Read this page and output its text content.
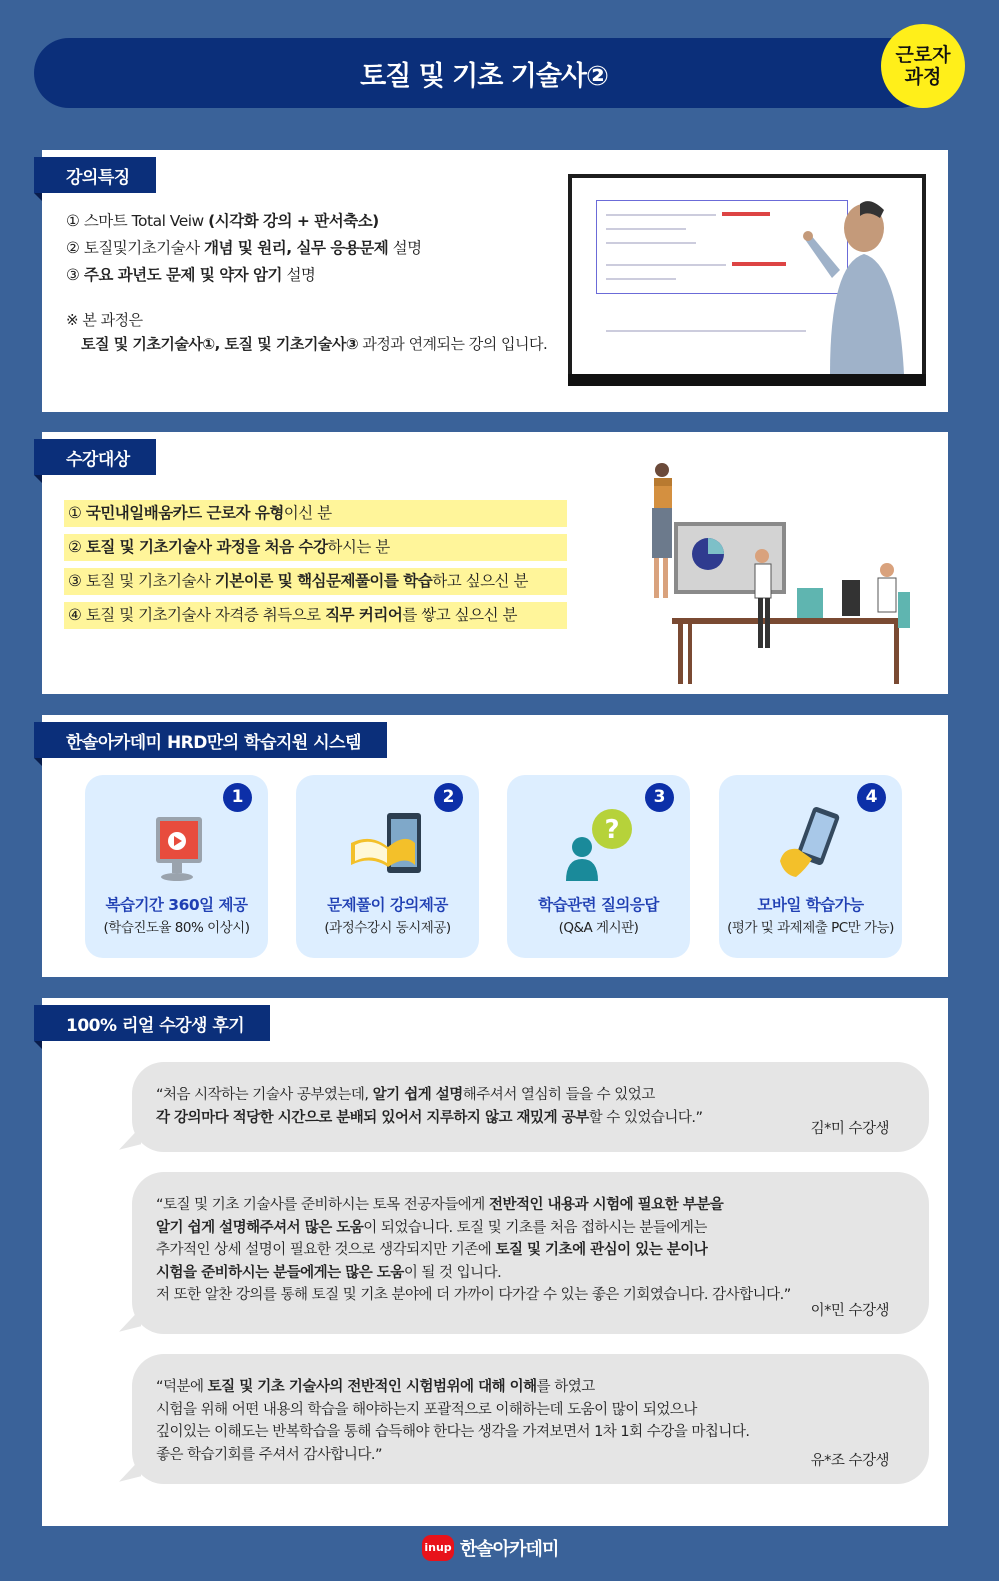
토질 및 기초 기술사②
근로자
과정
강의특징
① 스마트 Total Veiw (시각화 강의 + 판서축소)
② 토질및기초기술사 개념 및 원리, 실무 응용문제 설명
③ 주요 과년도 문제 및 약자 암기 설명
※ 본 과정은
토질 및 기초기술사①, 토질 및 기초기술사③ 과정과 연계되는 강의 입니다.
수강대상
① 국민내일배움카드 근로자 유형이신 분
② 토질 및 기초기술사 과정을 처음 수강하시는 분
③ 토질 및 기초기술사 기본이론 및 핵심문제풀이를 학습하고 싶으신 분
④ 토질 및 기초기술사 자격증 취득으로 직무 커리어를 쌓고 싶으신 분
한솔아카데미 HRD만의 학습지원 시스템
1
복습기간 360일 제공
(학습진도율 80% 이상시)
2
문제풀이 강의제공
(과정수강시 동시제공)
3
?
학습관련 질의응답
(Q&A 게시판)
4
모바일 학습가능
(평가 및 과제제출 PC만 가능)
100% 리얼 수강생 후기
“처음 시작하는 기술사 공부였는데, 알기 쉽게 설명해주셔서 열심히 들을 수 있었고
각 강의마다 적당한 시간으로 분배되 있어서 지루하지 않고 재밌게 공부할 수 있었습니다.”
김*미 수강생
“토질 및 기초 기술사를 준비하시는 토목 전공자들에게 전반적인 내용과 시험에 필요한 부분을
알기 쉽게 설명해주셔서 많은 도움이 되었습니다. 토질 및 기초를 처음 접하시는 분들에게는
추가적인 상세 설명이 필요한 것으로 생각되지만 기존에 토질 및 기초에 관심이 있는 분이나
시험을 준비하시는 분들에게는 많은 도움이 될 것 입니다.
저 또한 알찬 강의를 통해 토질 및 기초 분야에 더 가까이 다가갈 수 있는 좋은 기회였습니다. 감사합니다.”
이*민 수강생
“덕분에 토질 및 기초 기술사의 전반적인 시험범위에 대해 이해를 하였고
시험을 위해 어떤 내용의 학습을 해야하는지 포괄적으로 이해하는데 도움이 많이 되었으나
깊이있는 이해도는 반복학습을 통해 습득해야 한다는 생각을 가져보면서 1차 1회 수강을 마칩니다.
좋은 학습기회를 주셔서 감사합니다.”	유*조 수강생
inup 한솔아카데미
